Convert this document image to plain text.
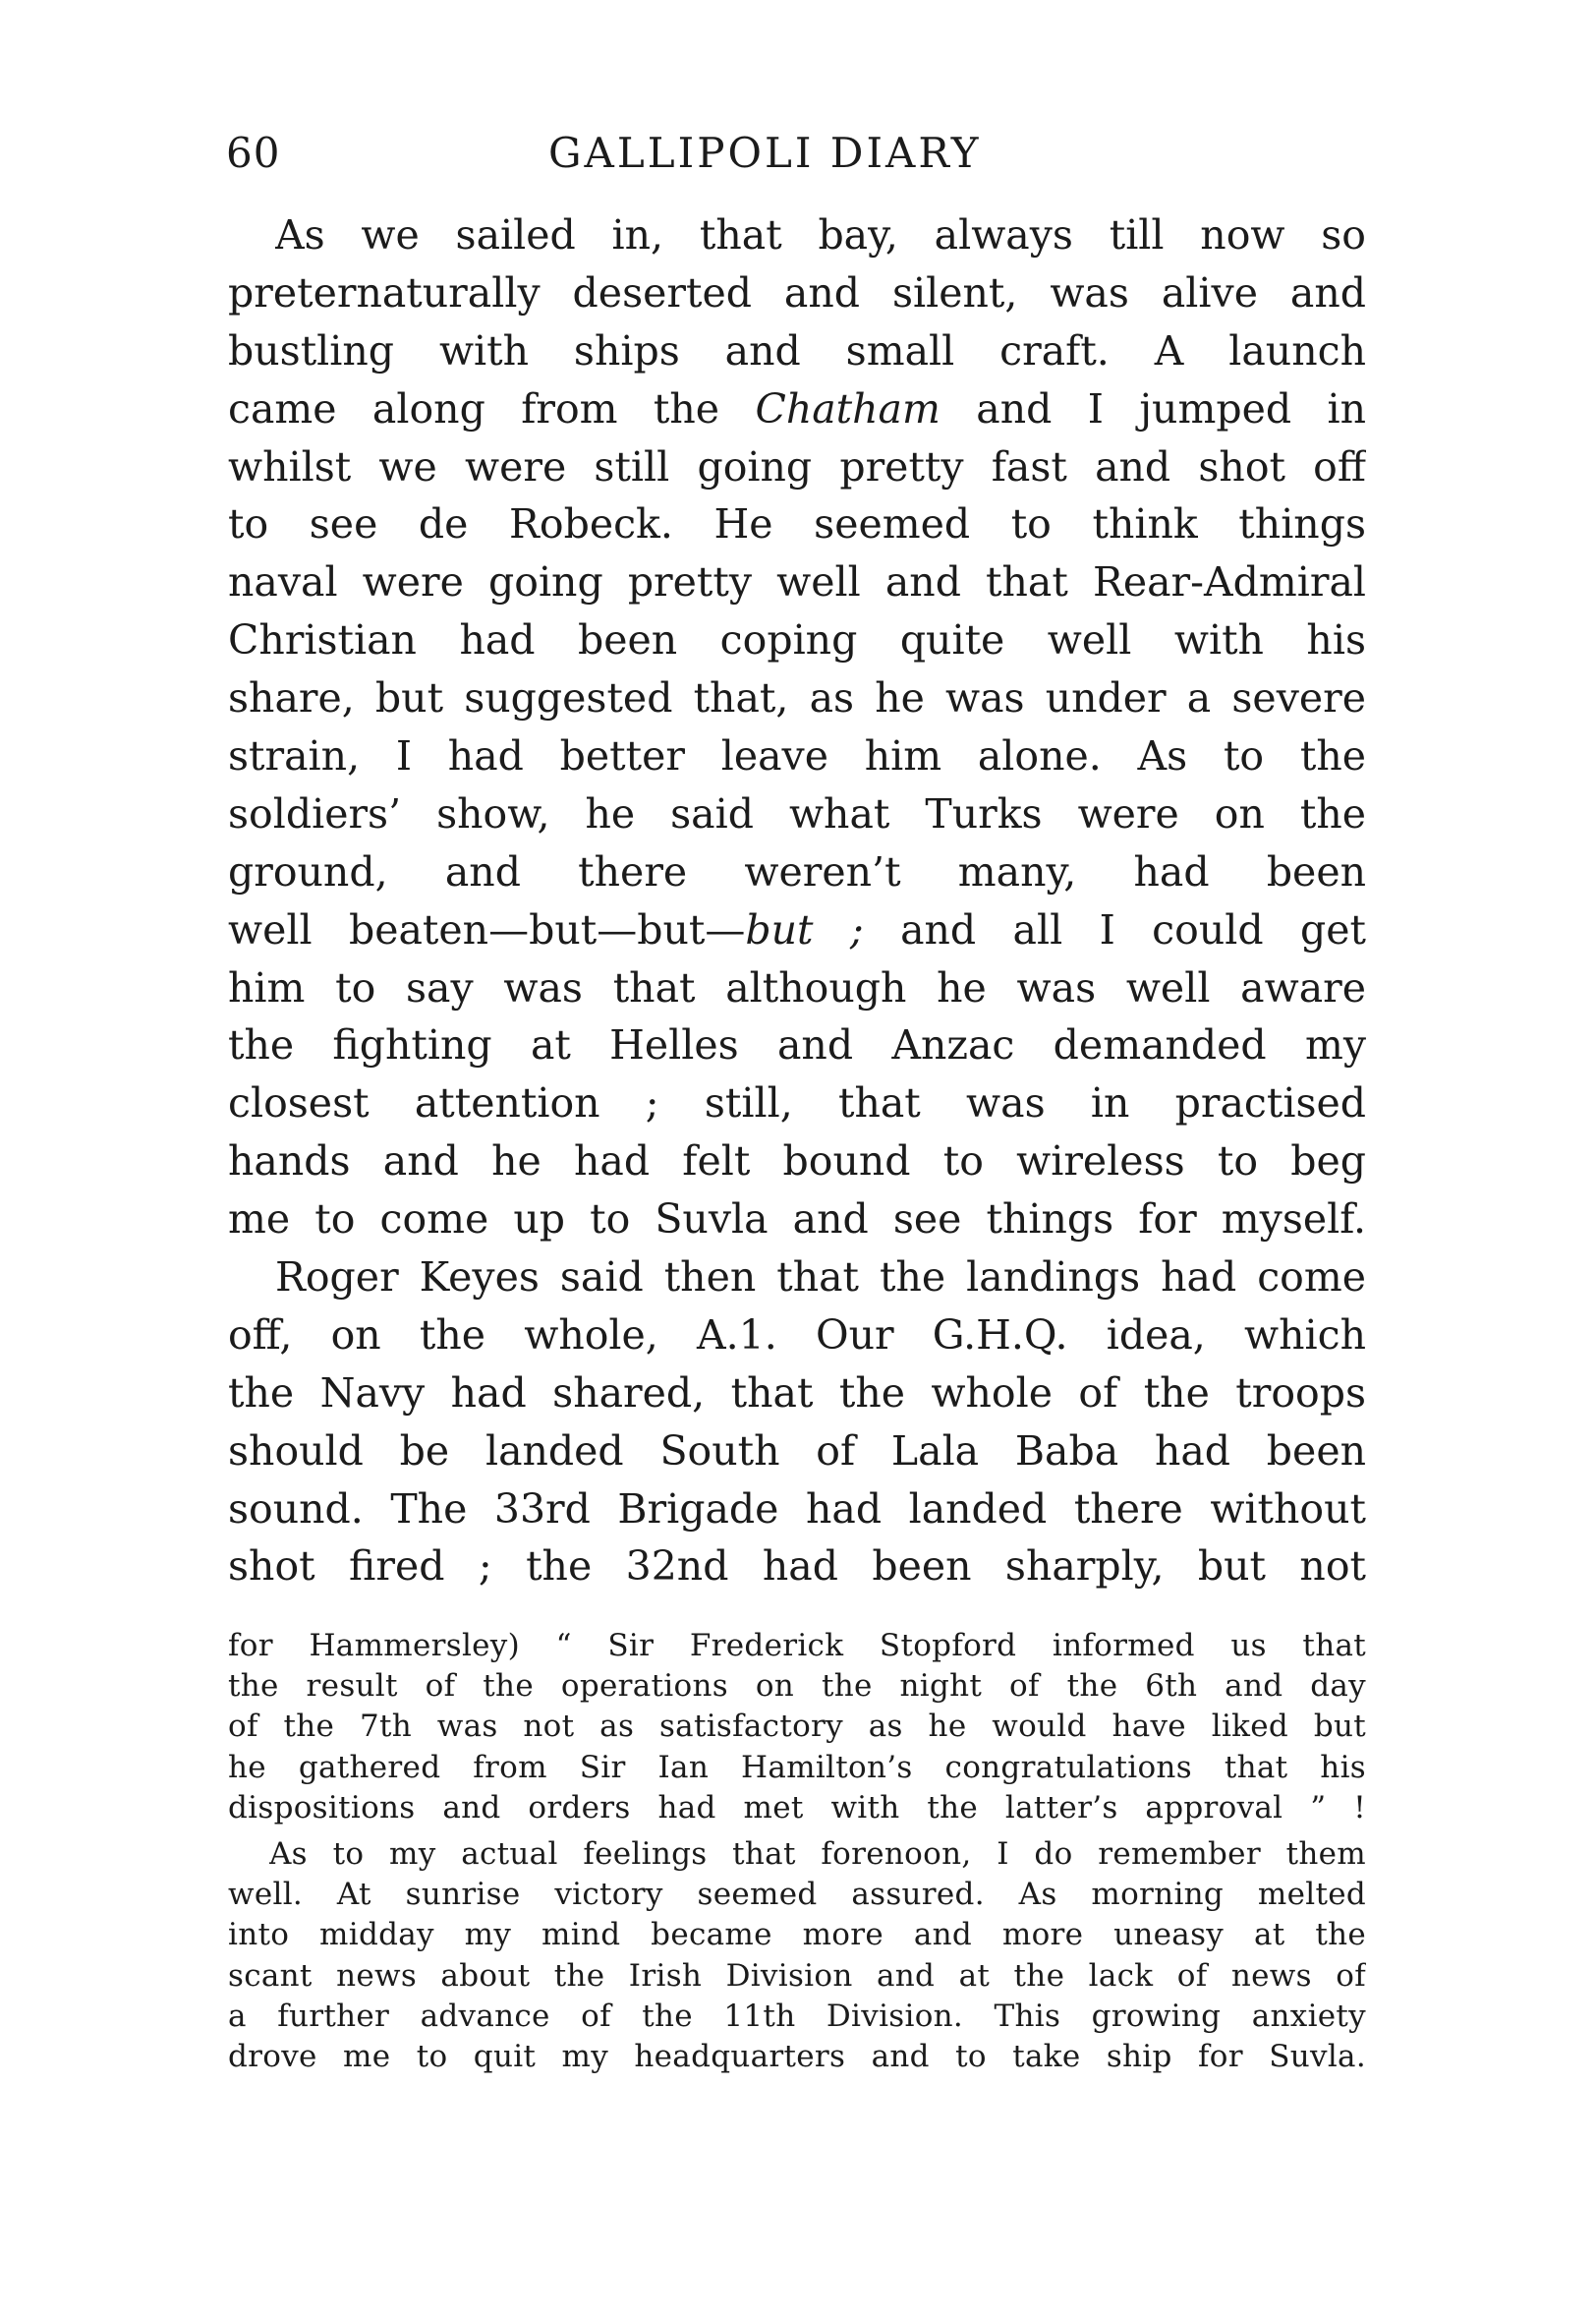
60	GALLIPOLI DIARY
As we sailed in, that bay, always till now so
preternaturally deserted and silent, was alive and
bustling with ships and small craft. A launch
came along from the Chatham and I jumped in
whilst we were still going pretty fast and shot off
to see de Robeck. He seemed to think things
naval were going pretty well and that Rear-Admiral
Christian had been coping quite well with his
share, but suggested that, as he was under a severe
strain, I had better leave him alone. As to the
soldiers’ show, he said what Turks were on the
ground, and there weren’t many, had been
well beaten—but—but—but ; and all I could get
him to say was that although he was well aware
the fighting at Helles and Anzac demanded my
closest attention ; still, that was in practised
hands and he had felt bound to wireless to beg
me to come up to Suvla and see things for myself.
Roger Keyes said then that the landings had come
off, on the whole, A.1. Our G.H.Q. idea, which
the Navy had shared, that the whole of the troops
should be landed South of Lala Baba had been
sound. The 33rd Brigade had landed there without
shot fired ; the 32nd had been sharply, but not
for Hammersley) “ Sir Frederick Stopford informed us that
the result of the operations on the night of the 6th and day
of the 7th was not as satisfactory as he would have liked but
he gathered from Sir Ian Hamilton’s congratulations that his
dispositions and orders had met with the latter’s approval ” !
As to my actual feelings that forenoon, I do remember them
well. At sunrise victory seemed assured. As morning melted
into midday my mind became more and more uneasy at the
scant news about the Irish Division and at the lack of news of
a further advance of the 11th Division. This growing anxiety
drove me to quit my headquarters and to take ship for Suvla.
